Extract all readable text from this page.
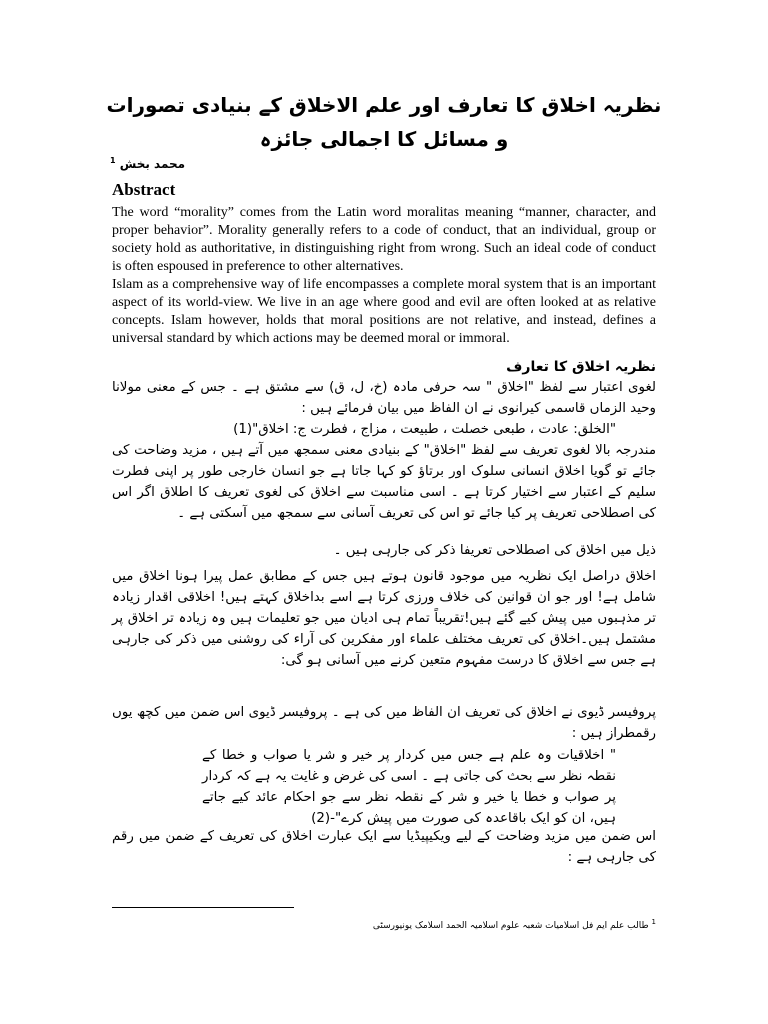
نظریہ اخلاق کا تعارف اور علم الاخلاق کے بنیادی تصورات و مسائل کا اجمالی جائزہ
محمد بخش $^1$
Abstract

The word “morality” comes from the Latin word moralitas meaning “manner, character, and proper behavior”. Morality generally refers to a code of conduct, that an individual, group or society hold as authoritative, in distinguishing right from wrong. Such an ideal code of conduct is often espoused in preference to other alternatives.

Islam as a comprehensive way of life encompasses a complete moral system that is an important aspect of its world-view. We live in an age where good and evil are often looked at as relative concepts. Islam however, holds that moral positions are not relative, and instead, defines a universal standard by which actions may be deemed moral or immoral.

نظریہ اخلاق کا تعارف

لغوی اعتبار سے لفظ "اخلاق " سہ حرفی مادہ (خ، ل، ق) سے مشتق ہے ۔ جس کے معنی مولانا وحید الزماں قاسمی کیرانوی نے ان الفاظ میں بیان فرمائے ہیں :

"الخلق: عادت ، طبعی خصلت ، طبیعت ، مزاج ، فطرت ج: اخلاق"(1)

مندرجہ بالا لغوی تعریف سے لفظ "اخلاق" کے بنیادی معنی سمجھ میں آتے ہیں ، مزید وضاحت کی جائے تو گویا اخلاق انسانی سلوک اور برتاؤ کو کہا جاتا ہے جو انسان خارجی طور پر اپنی فطرت سلیم کے اعتبار سے اختیار کرتا ہے ۔ اسی مناسبت سے اخلاق کی لغوی تعریف کا اطلاق اگر اس کی اصطلاحی تعریف پر کیا جائے تو اس کی تعریف آسانی سے سمجھ میں آسکتی ہے ۔

ذیل میں اخلاق کی اصطلاحی تعریفا ذکر کی جارہی ہیں ۔

اخلاق دراصل ایک نظریہ میں موجود قانون ہوتے ہیں جس کے مطابق عمل پیرا ہونا اخلاق میں شامل ہے! اور جو ان قوانین کی خلاف ورزی کرتا ہے اسے بداخلاق کہتے ہیں! اخلاقی اقدار زیادہ تر مذہبوں میں پیش کیے گئے ہیں!تقریباً تمام ہی ادیان میں جو تعلیمات ہیں وہ زیادہ تر اخلاق پر مشتمل ہیں۔اخلاق کی تعریف مختلف علماء اور مفکرین کی آراء کی روشنی میں ذکر کی جارہی ہے جس سے اخلاق کا درست مفہوم متعین کرنے میں آسانی ہو گی:

پروفیسر ڈیوی نے اخلاق کی تعریف ان الفاظ میں کی ہے ۔ پروفیسر ڈیوی اس ضمن میں کچھ یوں رقمطراز ہیں :

" اخلاقیات وہ علم ہے جس میں کردار پر خیر و شر یا صواب و خطا کے نقطہ نظر سے بحث کی جاتی ہے ۔ اسی کی غرض و غایت یہ ہے کہ کردار پر صواب و خطا یا خیر و شر کے نقطہ نظر سے جو احکام عائد کیے جاتے ہیں، ان کو ایک باقاعدہ کی صورت میں پیش کرے"-(2)

اس ضمن میں مزید وضاحت کے لیے ویکیپیڈیا سے ایک عبارت اخلاق کی تعریف کے ضمن میں رقم کی جارہی ہے :

$^1$ طالب علم ایم فل اسلامیات شعبہ علوم اسلامیہ الحمد اسلامک یونیورسٹی
